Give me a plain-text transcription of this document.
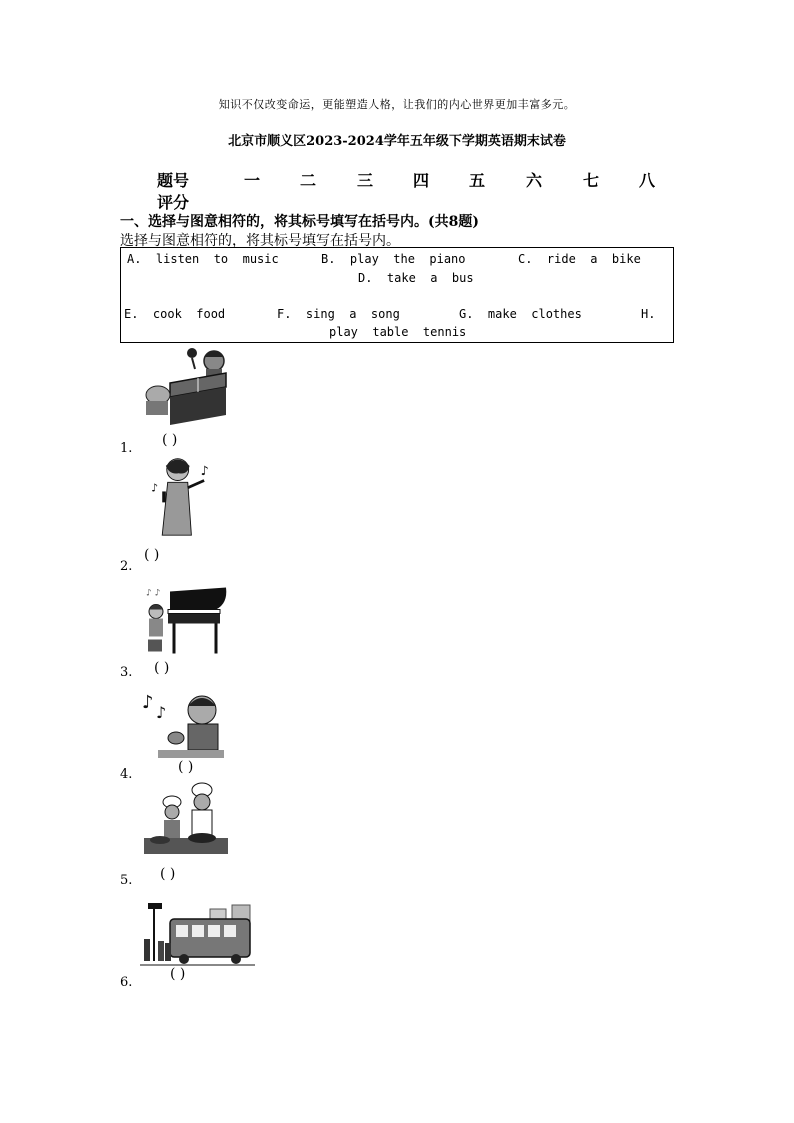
知识不仅改变命运，更能塑造人格，让我们的内心世界更加丰富多元。
北京市顺义区2023-2024学年五年级下学期英语期末试卷
题号	一 二	三 四 五	六	七 八
评分
一、选择与图意相符的，将其标号填写在括号内。(共8题)
选择与图意相符的，将其标号填写在括号内。
A.  listen  to  music	B.  play  the  piano	C.  ride  a  bike
D.  take  a  bus
E.  cook  food	F.  sing  a  song	G.  make  clothes	H.
play  table  tennis
( )
1.
♪
♪
( )
2.
♪ ♪
( )
3.
♪ ♪
( )
4.
( )
5.
( )
6.
